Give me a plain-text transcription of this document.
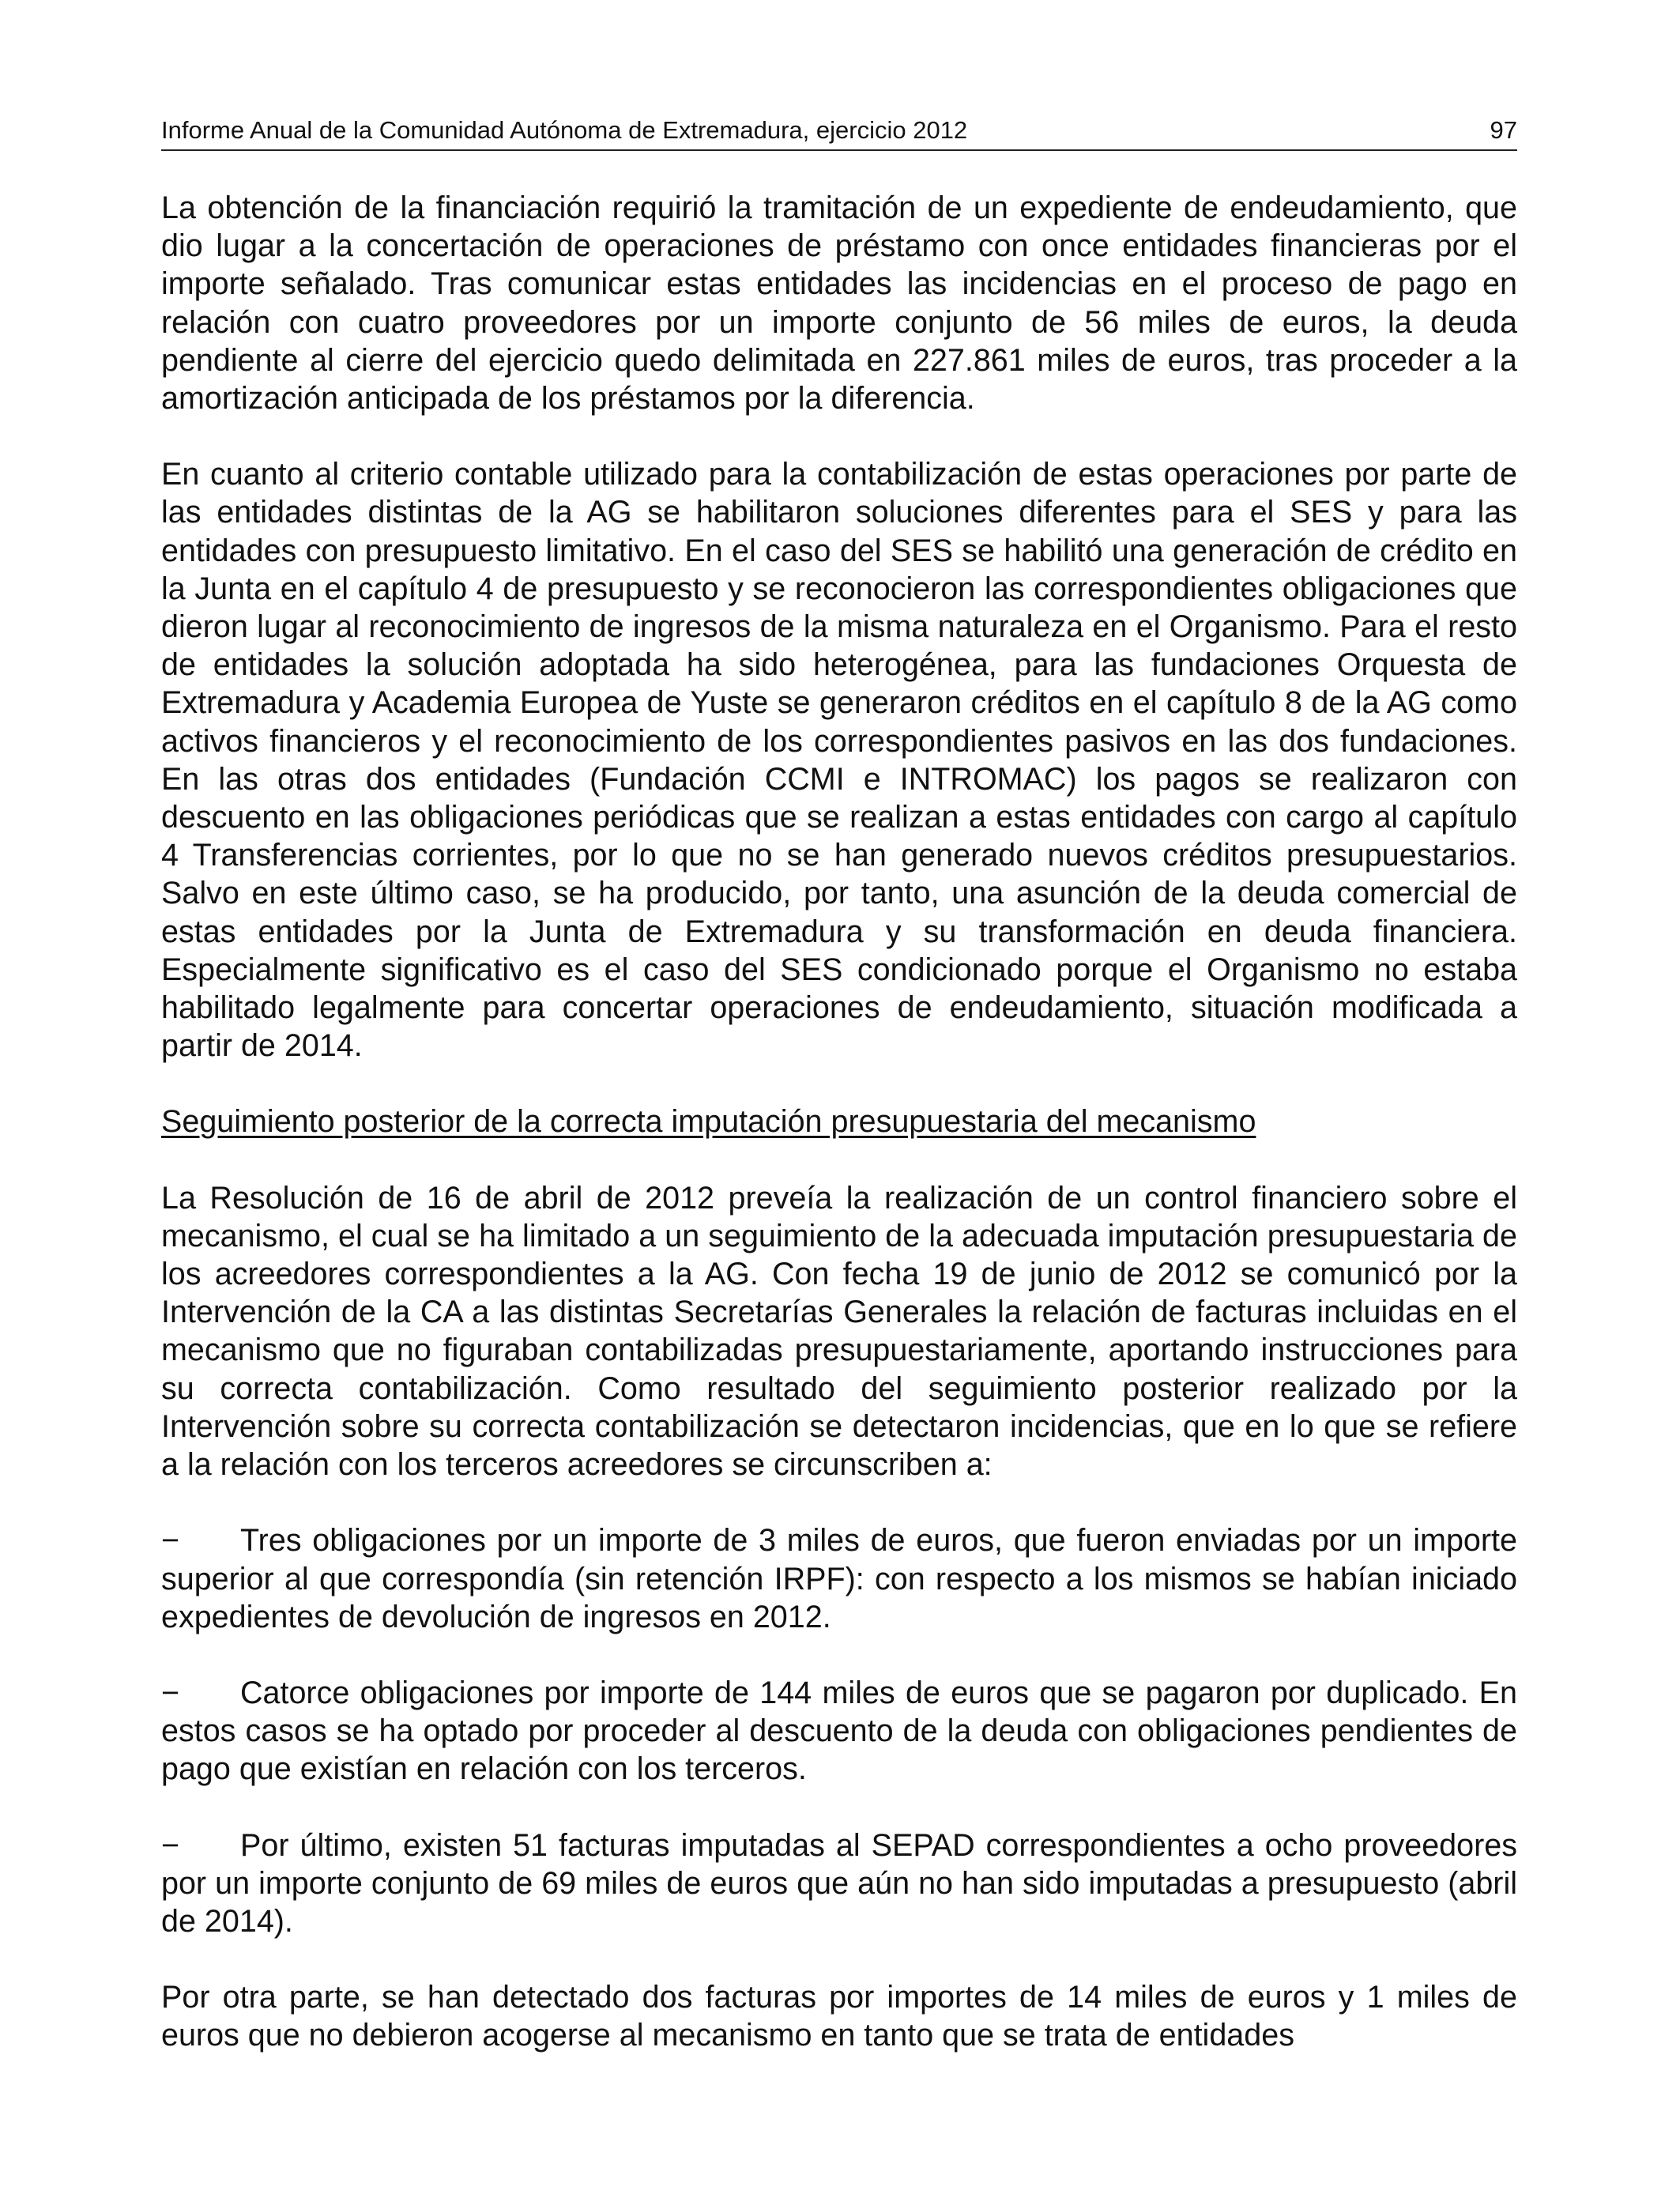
Informe Anual de la Comunidad Autónoma de Extremadura, ejercicio 2012	97

La obtención de la financiación requirió la tramitación de un expediente de endeudamiento, que dio lugar a la concertación de operaciones de préstamo con once entidades financieras por el importe señalado. Tras comunicar estas entidades las incidencias en el proceso de pago en relación con cuatro proveedores por un importe conjunto de 56 miles de euros, la deuda pendiente al cierre del ejercicio quedo delimitada en 227.861 miles de euros, tras proceder a la amortización anticipada de los préstamos por la diferencia.

En cuanto al criterio contable utilizado para la contabilización de estas operaciones por parte de las entidades distintas de la AG se habilitaron soluciones diferentes para el SES y para las entidades con presupuesto limitativo. En el caso del SES se habilitó una generación de crédito en la Junta en el capítulo 4 de presupuesto y se reconocieron las correspondientes obligaciones que dieron lugar al reconocimiento de ingresos de la misma naturaleza en el Organismo. Para el resto de entidades la solución adoptada ha sido heterogénea, para las fundaciones Orquesta de Extremadura y Academia Europea de Yuste se generaron créditos en el capítulo 8 de la AG como activos financieros y el reconocimiento de los correspondientes pasivos en las dos fundaciones. En las otras dos entidades (Fundación CCMI e INTROMAC) los pagos se realizaron con descuento en las obligaciones periódicas que se realizan a estas entidades con cargo al capítulo 4 Transferencias corrientes, por lo que no se han generado nuevos créditos presupuestarios. Salvo en este último caso, se ha producido, por tanto, una asunción de la deuda comercial de estas entidades por la Junta de Extremadura y su transformación en deuda financiera. Especialmente significativo es el caso del SES condicionado porque el Organismo no estaba habilitado legalmente para concertar operaciones de endeudamiento, situación modificada a partir de 2014.

Seguimiento posterior de la correcta imputación presupuestaria del mecanismo

La Resolución de 16 de abril de 2012 preveía la realización de un control financiero sobre el mecanismo, el cual se ha limitado a un seguimiento de la adecuada imputación presupuestaria de los acreedores correspondientes a la AG. Con fecha 19 de junio de 2012 se comunicó por la Intervención de la CA a las distintas Secretarías Generales la relación de facturas incluidas en el mecanismo que no figuraban contabilizadas presupuestariamente, aportando instrucciones para su correcta contabilización. Como resultado del seguimiento posterior realizado por la Intervención sobre su correcta contabilización se detectaron incidencias, que en lo que se refiere a la relación con los terceros acreedores se circunscriben a:

− Tres obligaciones por un importe de 3 miles de euros, que fueron enviadas por un importe superior al que correspondía (sin retención IRPF): con respecto a los mismos se habían iniciado expedientes de devolución de ingresos en 2012.

− Catorce obligaciones por importe de 144 miles de euros que se pagaron por duplicado. En estos casos se ha optado por proceder al descuento de la deuda con obligaciones pendientes de pago que existían en relación con los terceros.

− Por último, existen 51 facturas imputadas al SEPAD correspondientes a ocho proveedores por un importe conjunto de 69 miles de euros que aún no han sido imputadas a presupuesto (abril de 2014).

Por otra parte, se han detectado dos facturas por importes de 14 miles de euros y 1 miles de euros que no debieron acogerse al mecanismo en tanto que se trata de entidades
